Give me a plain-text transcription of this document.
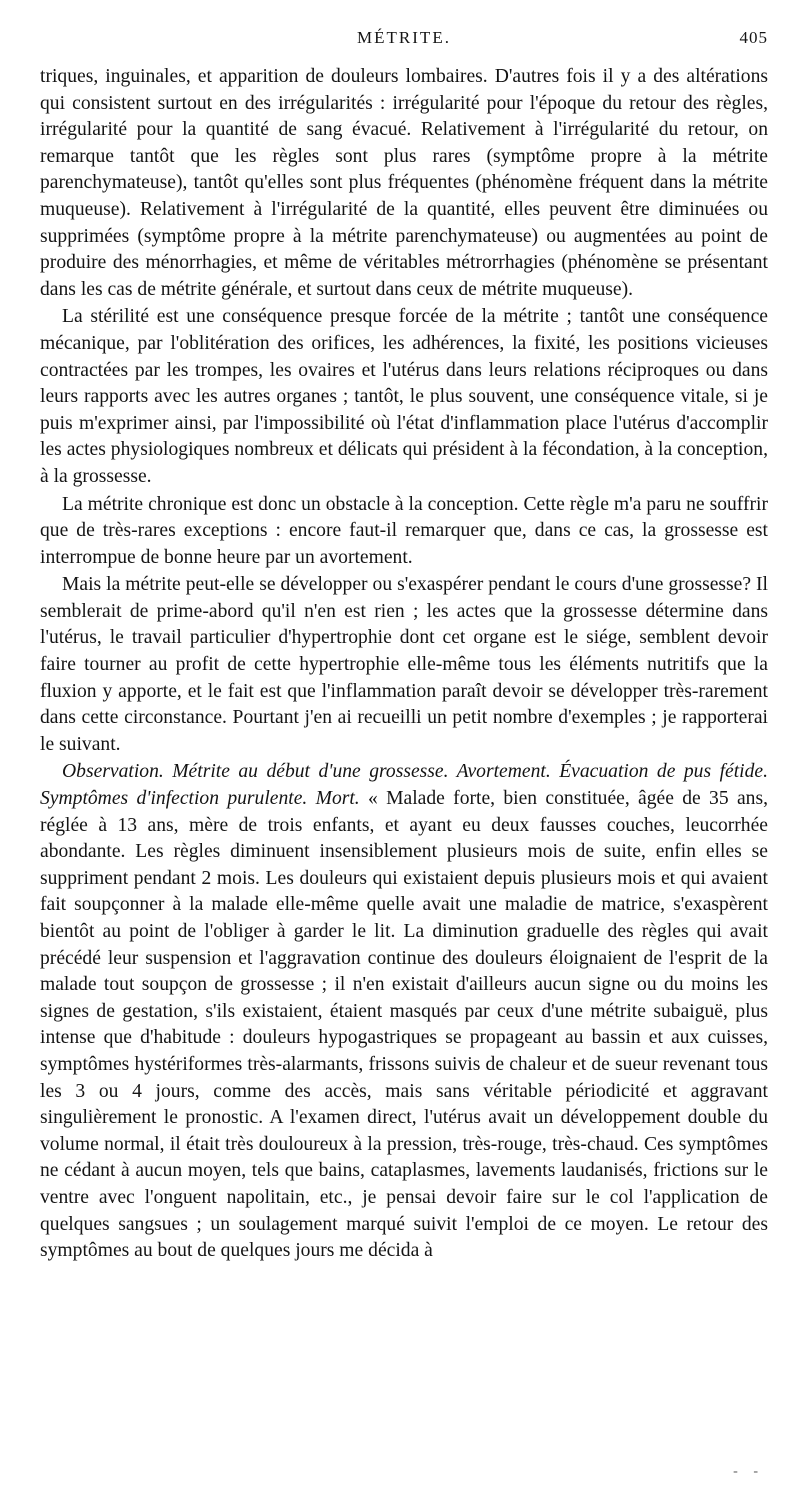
MÉTRITE.	405

triques, inguinales, et apparition de douleurs lombaires. D'autres fois il y a des altérations qui consistent surtout en des irrégularités : irrégularité pour l'époque du retour des règles, irrégularité pour la quantité de sang évacué. Relativement à l'irrégularité du retour, on remarque tantôt que les règles sont plus rares (symptôme propre à la métrite parenchymateuse), tantôt qu'elles sont plus fréquentes (phénomène fréquent dans la métrite muqueuse). Relativement à l'irrégularité de la quantité, elles peuvent être diminuées ou supprimées (symptôme propre à la métrite parenchymateuse) ou augmentées au point de produire des ménorrhagies, et même de véritables métrorrhagies (phénomène se présentant dans les cas de métrite générale, et surtout dans ceux de métrite muqueuse).

La stérilité est une conséquence presque forcée de la métrite ; tantôt une conséquence mécanique, par l'oblitération des orifices, les adhérences, la fixité, les positions vicieuses contractées par les trompes, les ovaires et l'utérus dans leurs relations réciproques ou dans leurs rapports avec les autres organes ; tantôt, le plus souvent, une conséquence vitale, si je puis m'exprimer ainsi, par l'impossibilité où l'état d'inflammation place l'utérus d'accomplir les actes physiologiques nombreux et délicats qui président à la fécondation, à la conception, à la grossesse.

La métrite chronique est donc un obstacle à la conception. Cette règle m'a paru ne souffrir que de très-rares exceptions : encore faut-il remarquer que, dans ce cas, la grossesse est interrompue de bonne heure par un avortement.

Mais la métrite peut-elle se développer ou s'exaspérer pendant le cours d'une grossesse? Il semblerait de prime-abord qu'il n'en est rien ; les actes que la grossesse détermine dans l'utérus, le travail particulier d'hypertrophie dont cet organe est le siége, semblent devoir faire tourner au profit de cette hypertrophie elle-même tous les éléments nutritifs que la fluxion y apporte, et le fait est que l'inflammation paraît devoir se développer très-rarement dans cette circonstance. Pourtant j'en ai recueilli un petit nombre d'exemples ; je rapporterai le suivant.

Observation. Métrite au début d'une grossesse. Avortement. Évacuation de pus fétide. Symptômes d'infection purulente. Mort. « Malade forte, bien constituée, âgée de 35 ans, réglée à 13 ans, mère de trois enfants, et ayant eu deux fausses couches, leucorrhée abondante. Les règles diminuent insensiblement plusieurs mois de suite, enfin elles se suppriment pendant 2 mois. Les douleurs qui existaient depuis plusieurs mois et qui avaient fait soupçonner à la malade elle-même quelle avait une maladie de matrice, s'exaspèrent bientôt au point de l'obliger à garder le lit. La diminution graduelle des règles qui avait précédé leur suspension et l'aggravation continue des douleurs éloignaient de l'esprit de la malade tout soupçon de grossesse ; il n'en existait d'ailleurs aucun signe ou du moins les signes de gestation, s'ils existaient, étaient masqués par ceux d'une métrite subaiguë, plus intense que d'habitude : douleurs hypogastriques se propageant au bassin et aux cuisses, symptômes hystériformes très-alarmants, frissons suivis de chaleur et de sueur revenant tous les 3 ou 4 jours, comme des accès, mais sans véritable périodicité et aggravant singulièrement le pronostic. A l'examen direct, l'utérus avait un développement double du volume normal, il était très douloureux à la pression, très-rouge, très-chaud. Ces symptômes ne cédant à aucun moyen, tels que bains, cataplasmes, lavements laudanisés, frictions sur le ventre avec l'onguent napolitain, etc., je pensai devoir faire sur le col l'application de quelques sangsues ; un soulagement marqué suivit l'emploi de ce moyen. Le retour des symptômes au bout de quelques jours me décida à

- -
